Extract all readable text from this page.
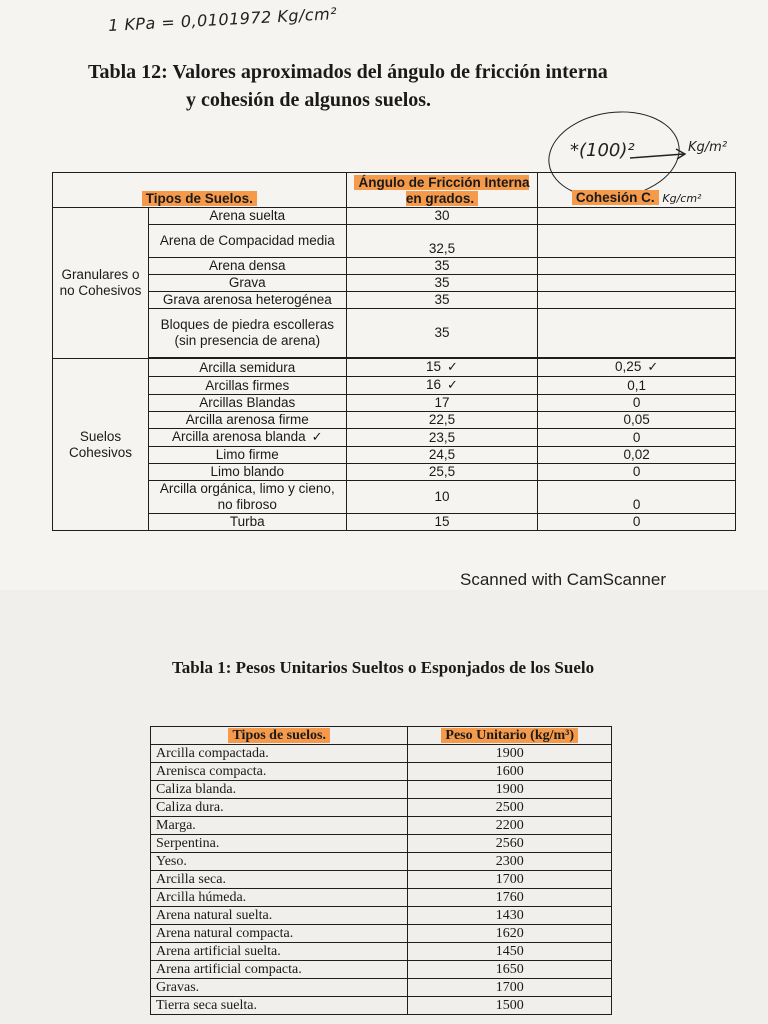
1 KPa = 0,0101972 Kg/cm²
Tabla 12: Valores aproximados del ángulo de fricción interna
y cohesión de algunos suelos.
*(100)²	Kg/m²
Tipos de Suelos.		Ángulo de Fricción Interna en grados.	Cohesión C. Kg/cm²
Granulares o no Cohesivos	Arena suelta	30	
	Arena de Compacidad media	32,5	
	Arena densa	35	
	Grava	35	
	Grava arenosa heterogénea	35	
	Bloques de piedra escolleras (sin presencia de arena)	35	

Suelos Cohesivos	Arcilla semidura	15 ✓	0,25 ✓
	Arcillas firmes	16 ✓	0,1
	Arcillas Blandas	17	0
	Arcilla arenosa firme	22,5	0,05
	Arcilla arenosa blanda ✓	23,5	0
	Limo firme	24,5	0,02
	Limo blando	25,5	0
	Arcilla orgánica, limo y cieno, no fibroso	10	0
	Turba	15	0
Scanned with CamScanner
Tabla 1: Pesos Unitarios Sueltos o Esponjados de los Suelo
Tipos de suelos.	Peso Unitario (kg/m³)
Arcilla compactada.	1900
Arenisca compacta.	1600
Caliza blanda.	1900
Caliza dura.	2500
Marga.	2200
Serpentina.	2560
Yeso.	2300
Arcilla seca.	1700
Arcilla húmeda.	1760
Arena natural suelta.	1430
Arena natural compacta.	1620
Arena artificial suelta.	1450
Arena artificial compacta.	1650
Gravas.	1700
Tierra seca suelta.	1500
